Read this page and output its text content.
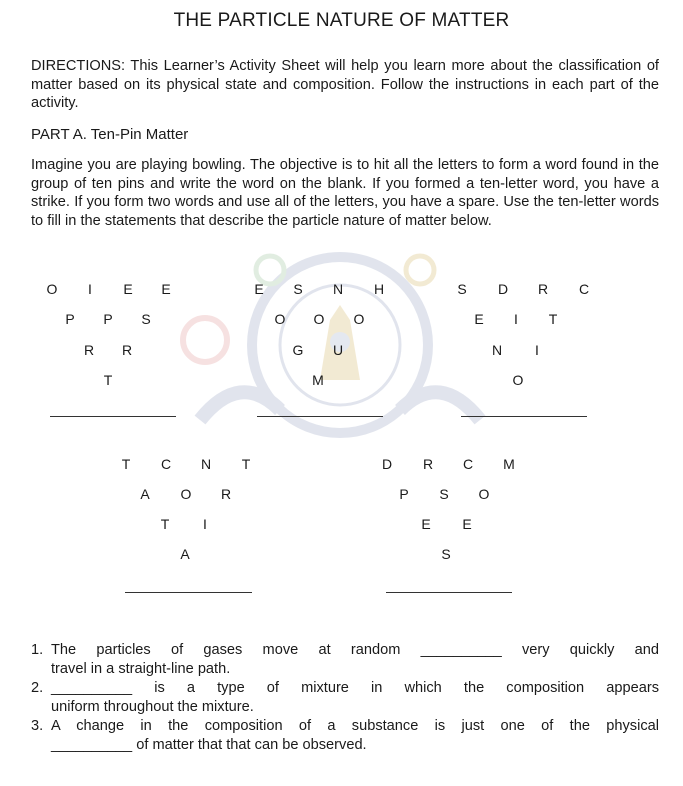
THE PARTICLE NATURE OF MATTER
DIRECTIONS: This Learner’s Activity Sheet will help you learn more about the classification of matter based on its physical state and composition. Follow the instructions in each part of the activity.
PART A. Ten-Pin Matter
Imagine you are playing bowling. The objective is to hit all the letters to form a word found in the group of ten pins and write the word on the blank. If you formed a ten-letter word, you have a strike. If you form two words and use all of the letters, you have a spare. Use the ten-letter words to fill in the statements that describe the particle nature of matter below.
O I E E
P P S
R R
T
E S N H
O O O
G U
M
S D R C
E I T
N I
O
T C N T
A O R
T I
A
D R C M
P S O
E E
S
1. The particles of gases move at random __________ very quickly and
travel in a straight-line path.
2. __________ is a type of mixture in which the composition appears
uniform throughout the mixture.
3. A change in the composition of a substance is just one of the physical
__________ of matter that that can be observed.
